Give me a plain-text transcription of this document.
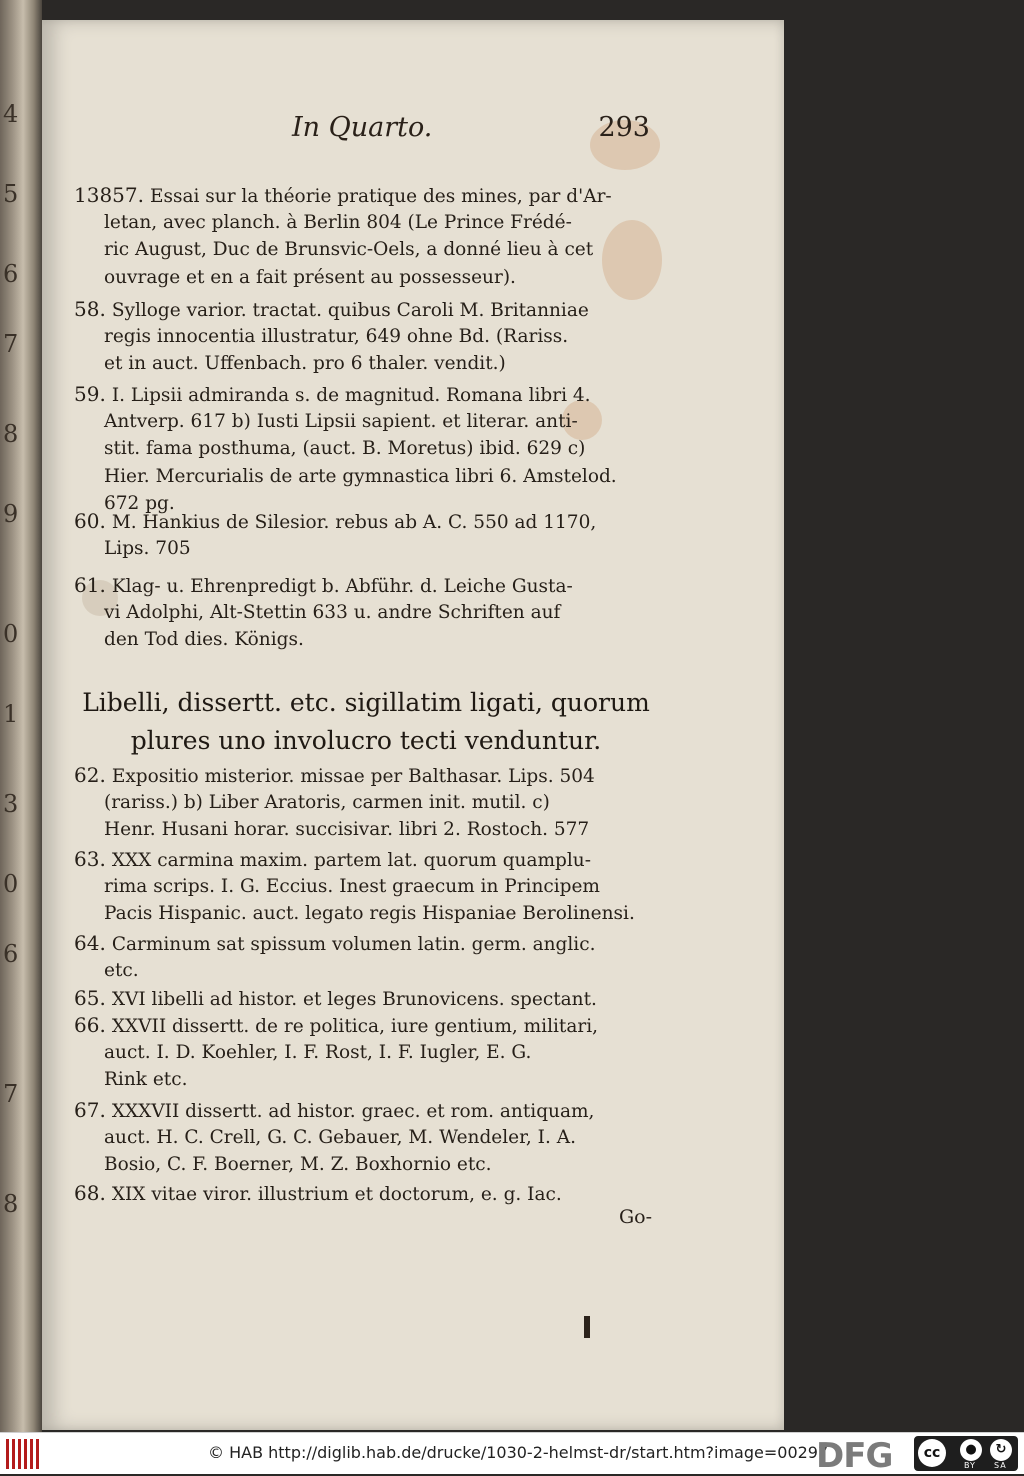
4
5
6
7
8
9
0
1
3
0
6
7
8
In Quarto.	293
13857. Essai sur la théorie pratique des mines, par d'Ar-
letan, avec planch. à Berlin 804 (Le Prince Frédé-
ric August, Duc de Brunsvic-Oels, a donné lieu à cet
ouvrage et en a fait présent au possesseur).
58. Sylloge varior. tractat. quibus Caroli M. Britanniae
regis innocentia illustratur, 649 ohne Bd. (Rariss.
et in auct. Uffenbach. pro 6 thaler. vendit.)
59. I. Lipsii admiranda s. de magnitud. Romana libri 4.
Antverp. 617 b) Iusti Lipsii sapient. et literar. anti-
stit. fama posthuma, (auct. B. Moretus) ibid. 629 c)
Hier. Mercurialis de arte gymnastica libri 6. Amstelod.
672 pg.
60. M. Hankius de Silesior. rebus ab A. C. 550 ad 1170,
Lips. 705
61. Klag- u. Ehrenpredigt b. Abführ. d. Leiche Gusta-
vi Adolphi, Alt-Stettin 633 u. andre Schriften auf
den Tod dies. Königs.
Libelli, dissertt. etc. sigillatim ligati, quorum
plures uno involucro tecti venduntur.
62. Expositio misterior. missae per Balthasar. Lips. 504
(rariss.) b) Liber Aratoris, carmen init. mutil. c)
Henr. Husani horar. succisivar. libri 2. Rostoch. 577
63. XXX carmina maxim. partem lat. quorum quamplu-
rima scrips. I. G. Eccius. Inest graecum in Principem
Pacis Hispanic. auct. legato regis Hispaniae Berolinensi.
64. Carminum sat spissum volumen latin. germ. anglic.
etc.
65. XVI libelli ad histor. et leges Brunovicens. spectant.
66. XXVII dissertt. de re politica, iure gentium, militari,
auct. I. D. Koehler, I. F. Rost, I. F. Iugler, E. G.
Rink etc.
67. XXXVII dissertt. ad histor. graec. et rom. antiquam,
auct. H. C. Crell, G. C. Gebauer, M. Wendeler, I. A.
Bosio, C. F. Boerner, M. Z. Boxhornio etc.
68. XIX vitae viror. illustrium et doctorum, e. g. Iac.
Go-
© HAB http://diglib.hab.de/drucke/1030-2-helmst-dr/start.htm?image=00297
DFG	cc	●	↻
BY SA
